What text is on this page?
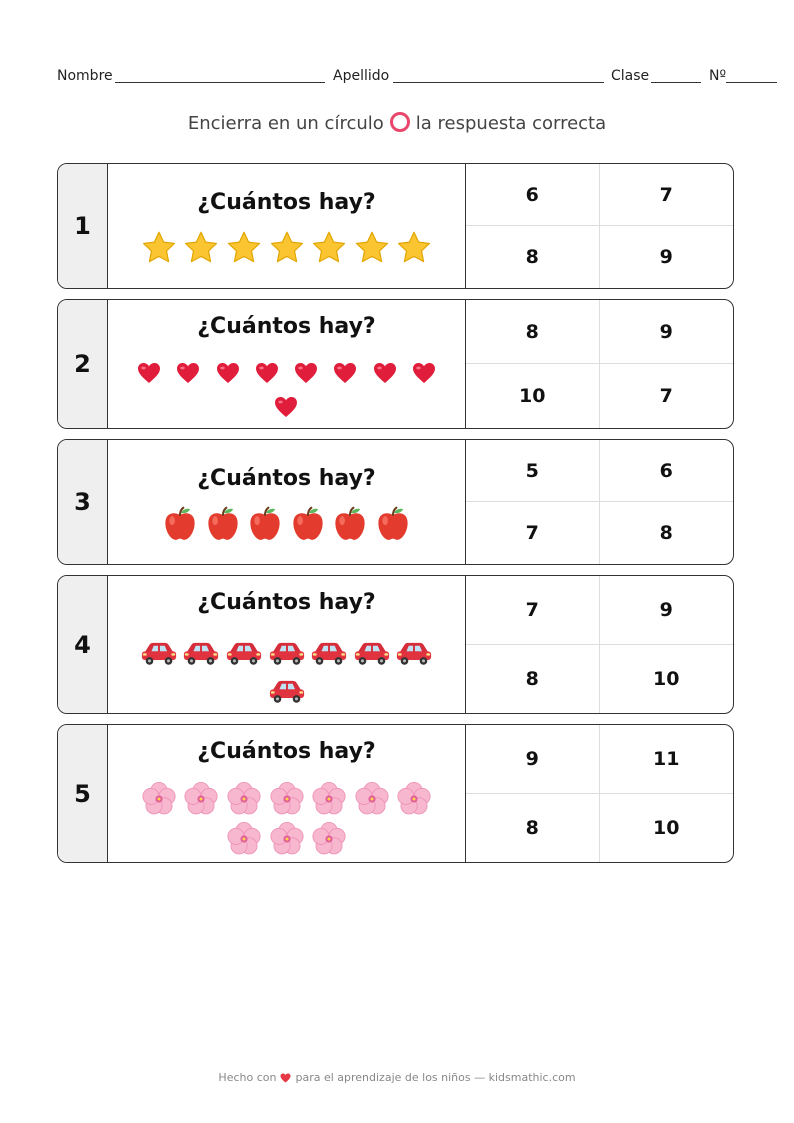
Nombre	Apellido	Clase	Nº
Encierra en un círculo la respuesta correcta
1
¿Cuántos hay?	6	7
8	9
2
¿Cuántos hay?	8	9
10	7
3
¿Cuántos hay?	5	6
7	8
4
¿Cuántos hay?	7	9
8	10
5
¿Cuántos hay?	9	11
8	10
Hecho con para el aprendizaje de los niños — kidsmathic.com
